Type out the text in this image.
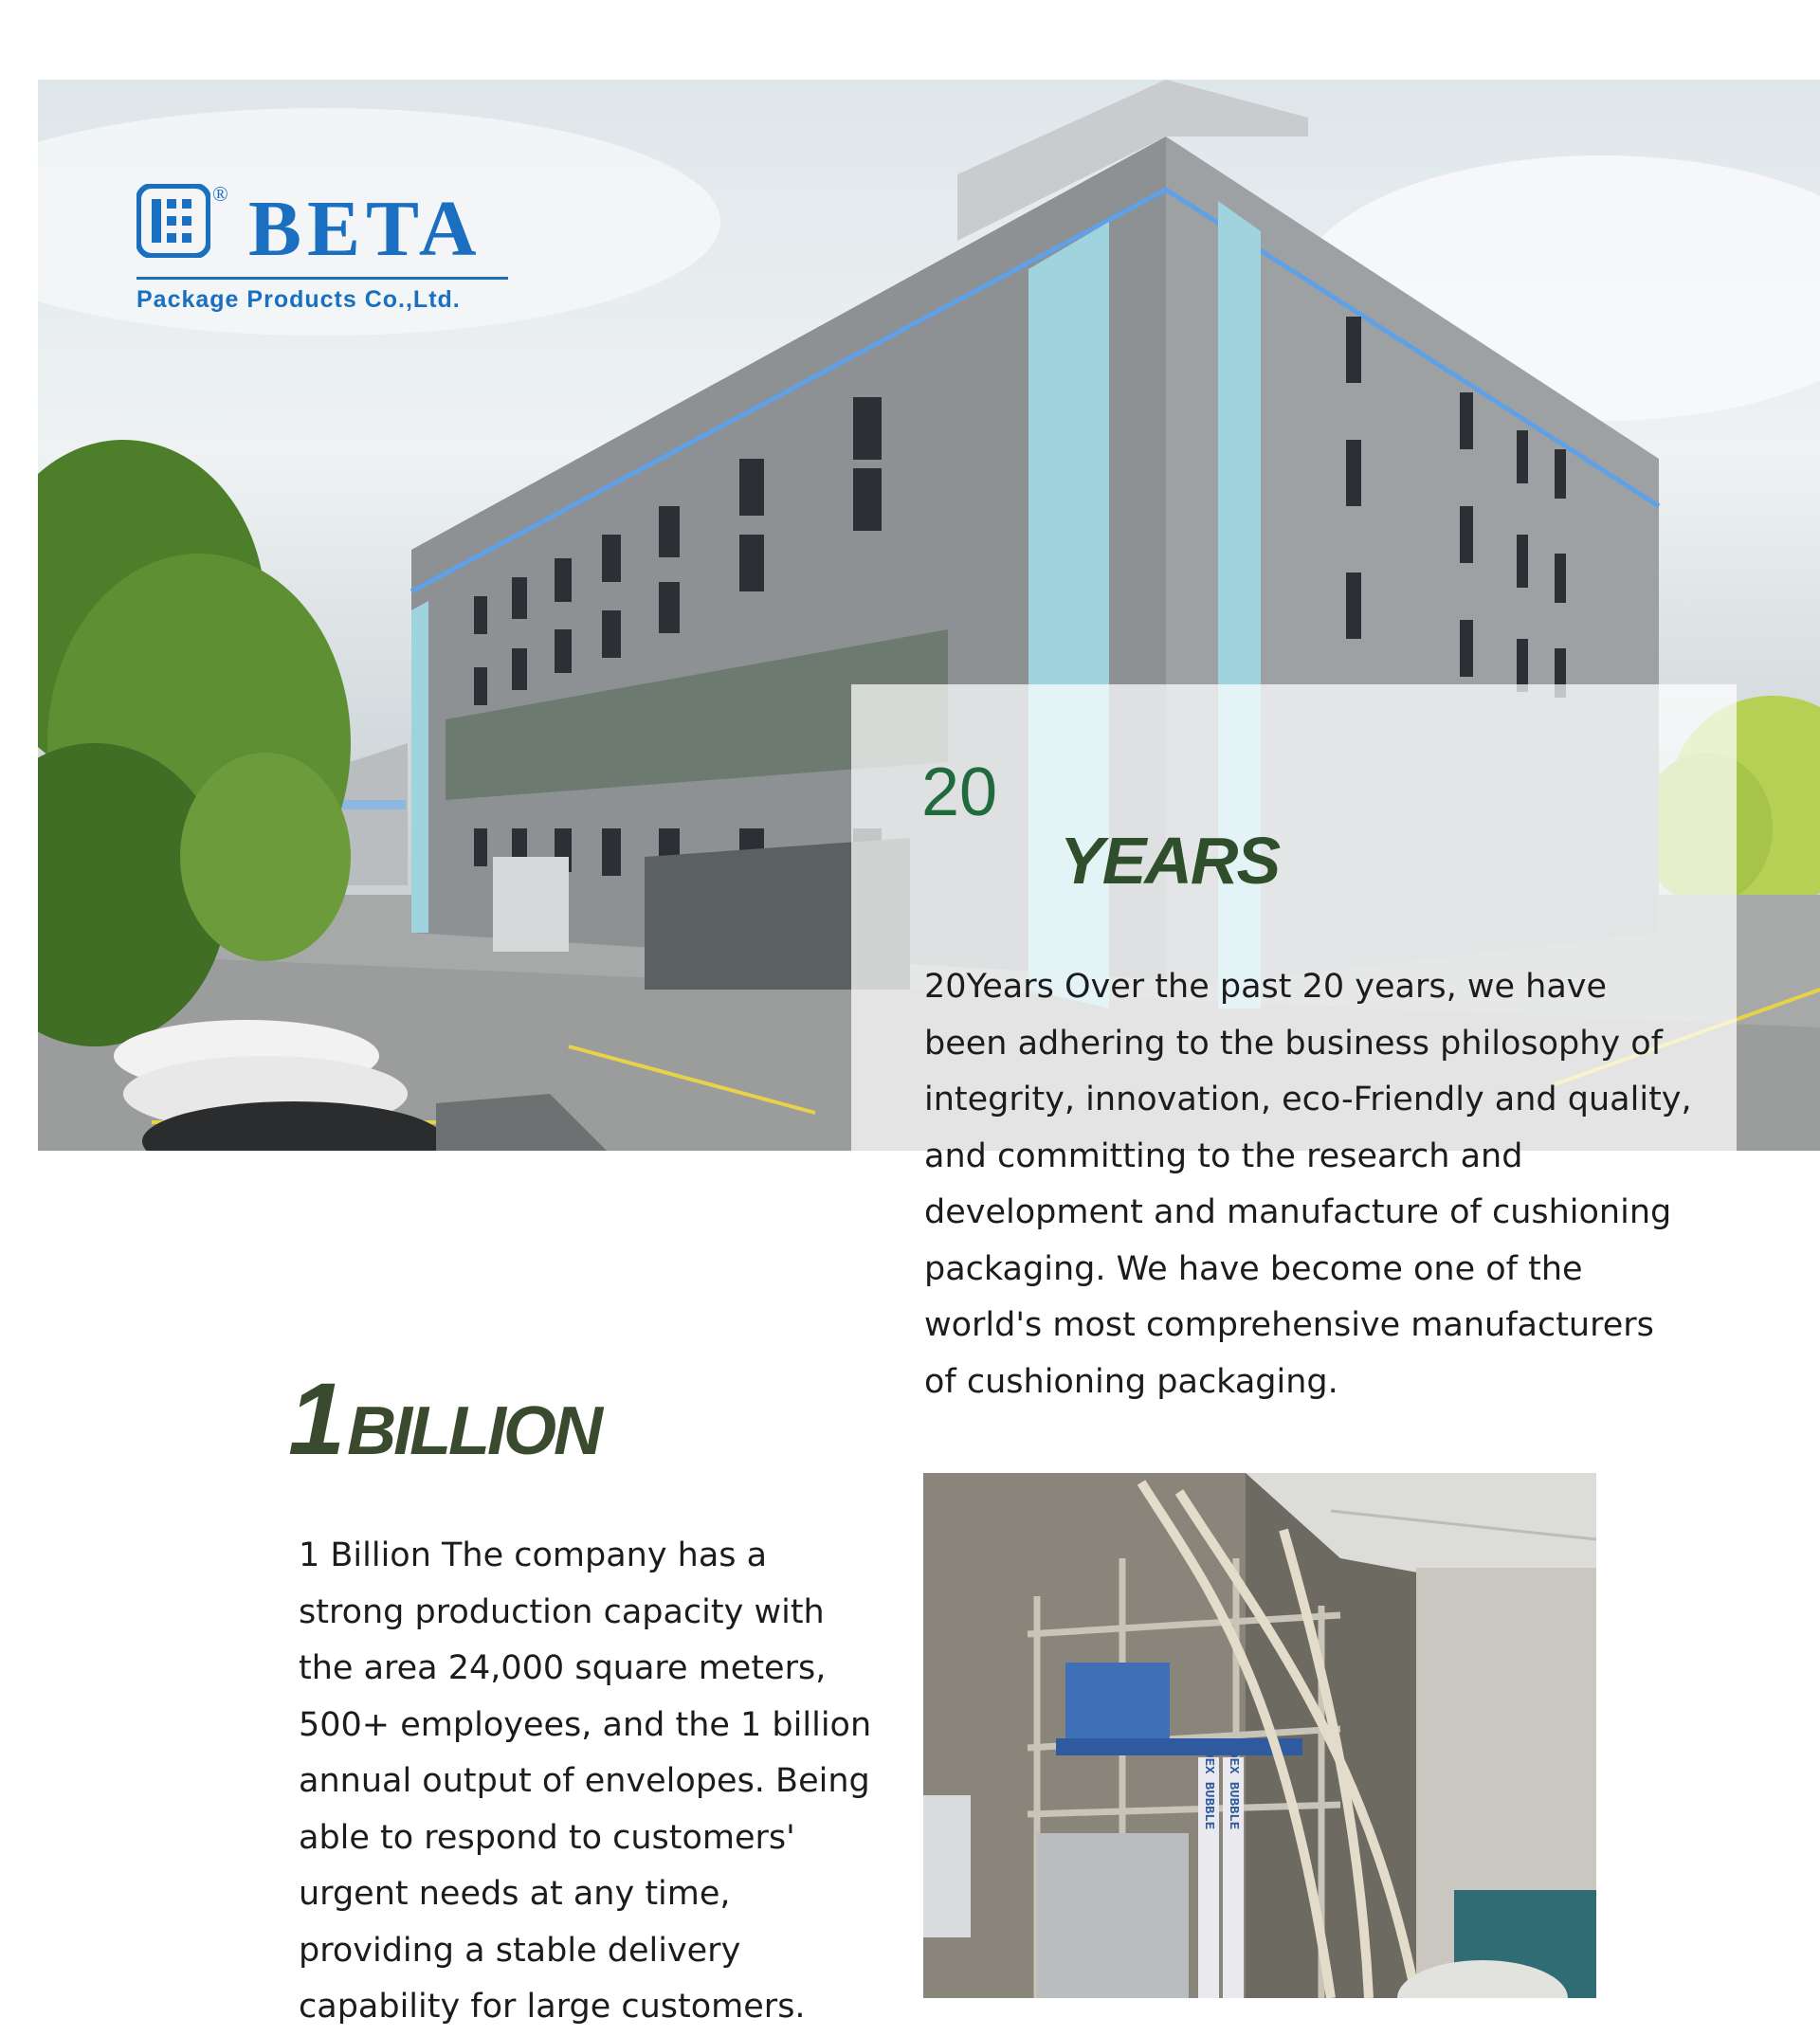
® BETA
Package Products Co.,Ltd.
20
YEARS
20Years Over the past 20 years, we have been adhering to the business philosophy of integrity, innovation, eco-Friendly and quality, and committing to the research and development and manufacture of cushioning packaging. We have become one of the world's most comprehensive manufacturers of cushioning packaging.
1BILLION
1 Billion The company has a strong production capacity with the area 24,000 square meters, 500+ employees, and the 1 billion annual output of envelopes. Being able to respond to customers' urgent needs at any time, providing a stable delivery capability for large customers.
COEX BUBBLE COEX BUBBLE
